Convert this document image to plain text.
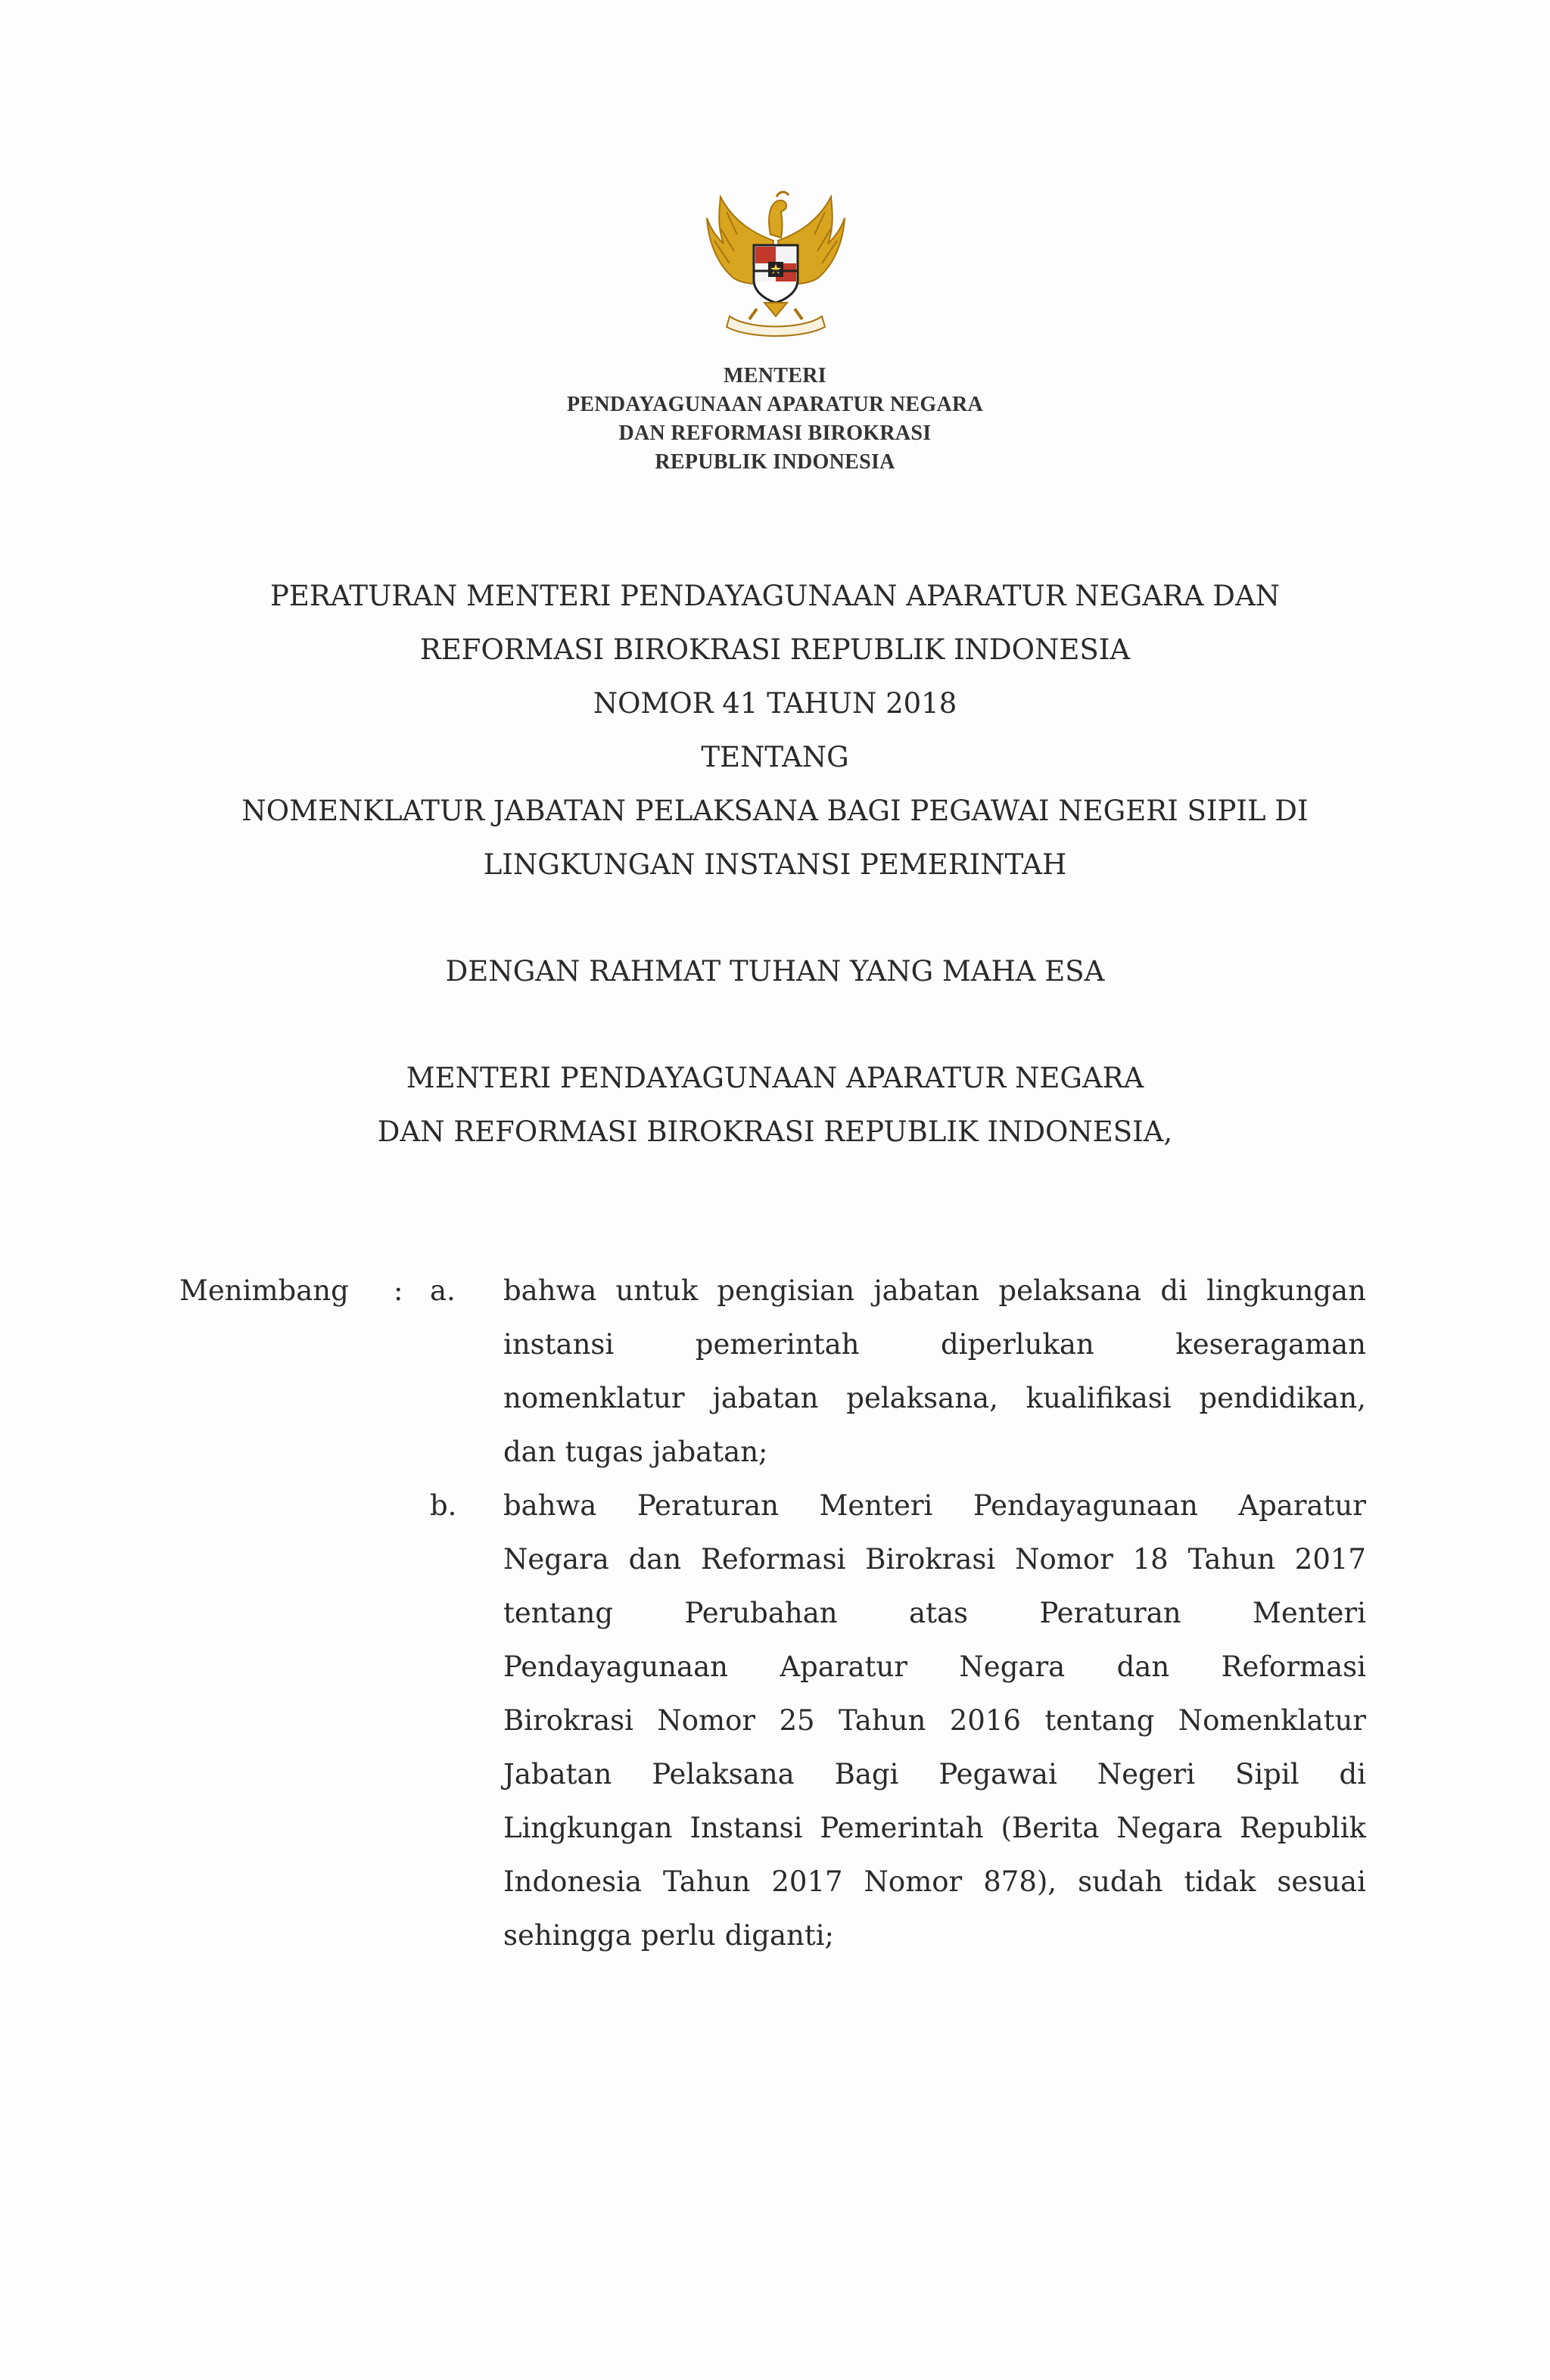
MENTERI
PENDAYAGUNAAN APARATUR NEGARA
DAN REFORMASI BIROKRASI
REPUBLIK INDONESIA
PERATURAN MENTERI PENDAYAGUNAAN APARATUR NEGARA DAN
REFORMASI BIROKRASI REPUBLIK INDONESIA
NOMOR 41 TAHUN 2018
TENTANG
NOMENKLATUR JABATAN PELAKSANA BAGI PEGAWAI NEGERI SIPIL DI
LINGKUNGAN INSTANSI PEMERINTAH
DENGAN RAHMAT TUHAN YANG MAHA ESA
MENTERI PENDAYAGUNAAN APARATUR NEGARA
DAN REFORMASI BIROKRASI REPUBLIK INDONESIA,
Menimbang : a. bahwa untuk pengisian jabatan pelaksana di lingkungan
instansi	pemerintah	diperlukan	keseragaman
nomenklatur jabatan pelaksana, kualifikasi pendidikan,
dan tugas jabatan;
b. bahwa Peraturan Menteri Pendayagunaan Aparatur
Negara dan Reformasi Birokrasi Nomor 18 Tahun 2017
tentang	Perubahan	atas	Peraturan	Menteri
Pendayagunaan Aparatur Negara dan Reformasi
Birokrasi Nomor 25 Tahun 2016 tentang Nomenklatur
Jabatan Pelaksana Bagi Pegawai Negeri Sipil di
Lingkungan Instansi Pemerintah (Berita Negara Republik
Indonesia Tahun 2017 Nomor 878), sudah tidak sesuai
sehingga perlu diganti;
